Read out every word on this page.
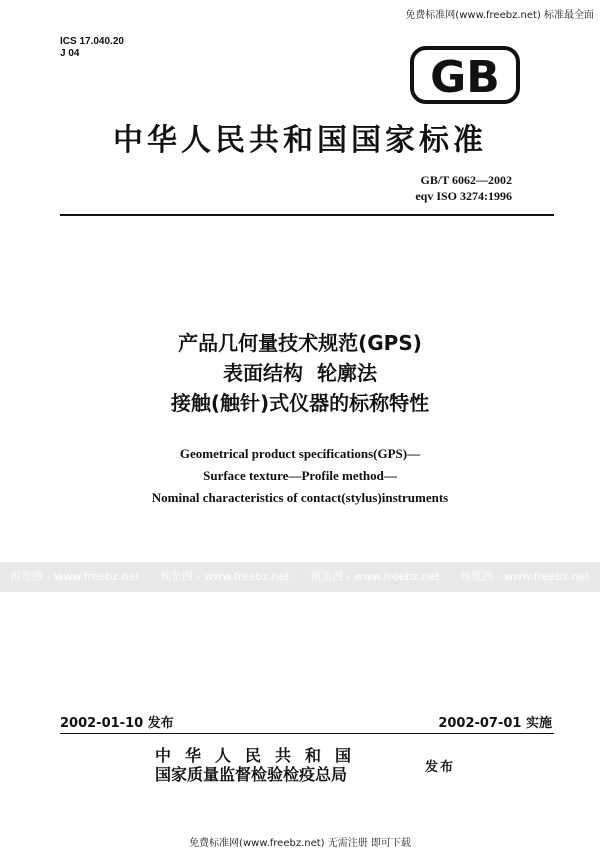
免费标准网(www.freebz.net) 标准最全面
ICS 17.040.20
J 04	GB
中华人民共和国国家标准
GB/T 6062—2002
eqv ISO 3274:1996
产品几何量技术规范(GPS)
表面结构  轮廓法
接触(触针)式仪器的标称特性
Geometrical product specifications(GPS)—
Surface texture—Profile method—
Nominal characteristics of contact(stylus)instruments
预览图 - www.freebz.net 预览图 - www.freebz.net 预览图 - www.freebz.net 预览图 - www.freebz.net
2002-01-10 发布	2002-07-01 实施
中华人民共和国
国家质量监督检验检疫总局	发布
免费标准网(www.freebz.net) 无需注册 即可下载
